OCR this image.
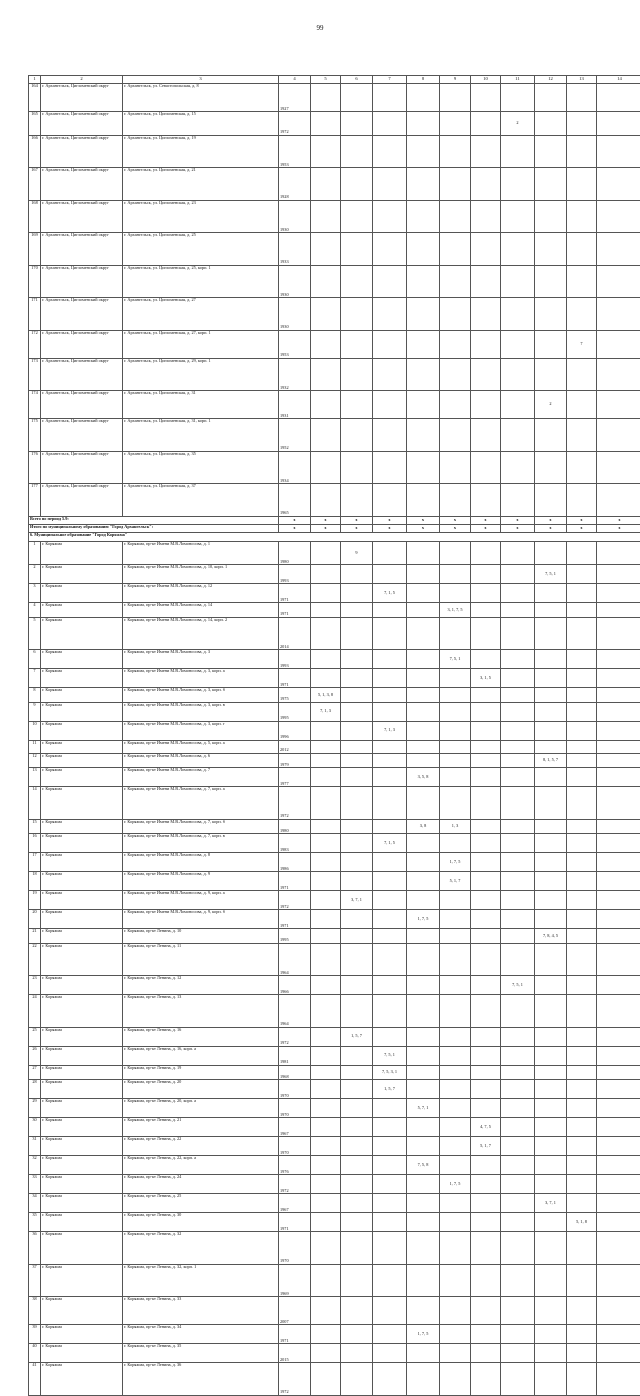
99
1	2	3	4	5	6	7	8	9	10	11	12	13	14	
164	г. Архангельск, Цигломенский округ	г. Архангельск, ул. Севастопольская, д. 8	1927											
165	г. Архангельск, Цигломенский округ	г. Архангельск, ул. Цигломенская, д. 15	1972							2				
166	г. Архангельск, Цигломенский округ	г. Архангельск, ул. Цигломенская, д. 19	1953											
167	г. Архангельск, Цигломенский округ	г. Архангельск, ул. Цигломенская, д. 21	1928											
168	г. Архангельск, Цигломенский округ	г. Архангельск, ул. Цигломенская, д. 23	1930											
169	г. Архангельск, Цигломенский округ	г. Архангельск, ул. Цигломенская, д. 25	1933											
170	г. Архангельск, Цигломенский округ	г. Архангельск, ул. Цигломенская, д. 25, корп. 1	1930											
171	г. Архангельск, Цигломенский округ	г. Архангельск, ул. Цигломенская, д. 27	1930											
172	г. Архангельск, Цигломенский округ	г. Архангельск, ул. Цигломенская, д. 27, корп. 1	1953									7		
173	г. Архангельск, Цигломенский округ	г. Архангельск, ул. Цигломенская, д. 29, корп. 1	1932											
174	г. Архангельск, Цигломенский округ	г. Архангельск, ул. Цигломенская, д. 31	1931								2			
175	г. Архангельск, Цигломенский округ	г. Архангельск, ул. Цигломенская, д. 31, корп. 1	1952											
176	г. Архангельск, Цигломенский округ	г. Архангельск, ул. Цигломенская, д. 35	1934											
177	г. Архангельск, Цигломенский округ	г. Архангельск, ул. Цигломенская, д. 37	1965											
Всего по период 5.9:			x	x	x	x	x	x	x	x	x	x	x	
Итого по муниципальному образованию "Город Архангельск":			x	x	x	x	x	x	x	x	x	x	x	
6. Муниципальное образование "Город Коряжма"														
1	г. Коряжма	г. Коряжма, пр-кт Имени М.В.Ломоносова, д. 1	1980		9									
2	г. Коряжма	г. Коряжма, пр-кт Имени М.В.Ломоносова, д. 10, корп. 1	1993								7, 5, 1			
3	г. Коряжма	г. Коряжма, пр-кт Имени М.В.Ломоносова, д. 12	1971			7, 1, 5								
4	г. Коряжма	г. Коряжма, пр-кт Имени М.В.Ломоносова, д. 14	1971					3, 1, 7, 5						
5	г. Коряжма	г. Коряжма, пр-кт Имени М.В.Ломоносова, д. 14, корп. 2	2014											
6	г. Коряжма	г. Коряжма, пр-кт Имени М.В.Ломоносова, д. 3	1993					7, 5, 1						
7	г. Коряжма	г. Коряжма, пр-кт Имени М.В.Ломоносова, д. 3, корп. а	1971						3, 1, 5					
8	г. Коряжма	г. Коряжма, пр-кт Имени М.В.Ломоносова, д. 3, корп. б	1975	5, 1, 3, 8										
9	г. Коряжма	г. Коряжма, пр-кт Имени М.В.Ломоносова, д. 3, корп. в	1995	7, 1, 3										
10	г. Коряжма	г. Коряжма, пр-кт Имени М.В.Ломоносова, д. 3, корп. г	1996			7, 1, 3								
11	г. Коряжма	г. Коряжма, пр-кт Имени М.В.Ломоносова, д. 5, корп. а	2012											
12	г. Коряжма	г. Коряжма, пр-кт Имени М.В.Ломоносова, д. 6	1979								8, 1, 5, 7			
13	г. Коряжма	г. Коряжма, пр-кт Имени М.В.Ломоносова, д. 7	1977				3, 5, 8							
14	г. Коряжма	г. Коряжма, пр-кт Имени М.В.Ломоносова, д. 7, корп. а	1972											
15	г. Коряжма	г. Коряжма, пр-кт Имени М.В.Ломоносова, д. 7, корп. б	1980				3, 8	1, 3						
16	г. Коряжма	г. Коряжма, пр-кт Имени М.В.Ломоносова, д. 7, корп. в	1983			7, 1, 5								
17	г. Коряжма	г. Коряжма, пр-кт Имени М.В.Ломоносова, д. 8	1986					1, 7, 5						
18	г. Коряжма	г. Коряжма, пр-кт Имени М.В.Ломоносова, д. 9	1971					5, 1, 7						
19	г. Коряжма	г. Коряжма, пр-кт Имени М.В.Ломоносова, д. 9, корп. а	1972		3, 7, 1									
20	г. Коряжма	г. Коряжма, пр-кт Имени М.В.Ломоносова, д. 9, корп. б	1971				1, 7, 5							
21	г. Коряжма	г. Коряжма, пр-кт Ленина, д. 10	1995								7, 8, 4, 5			
22	г. Коряжма	г. Коряжма, пр-кт Ленина, д. 11	1964											
23	г. Коряжма	г. Коряжма, пр-кт Ленина, д. 12	1966							7, 5, 1				
24	г. Коряжма	г. Коряжма, пр-кт Ленина, д. 13	1964											
25	г. Коряжма	г. Коряжма, пр-кт Ленина, д. 16	1972		1, 5, 7									
26	г. Коряжма	г. Коряжма, пр-кт Ленина, д. 16, корп. а	1981			7, 5, 1								
27	г. Коряжма	г. Коряжма, пр-кт Ленина, д. 19	1968			7, 5, 3, 1								
28	г. Коряжма	г. Коряжма, пр-кт Ленина, д. 20	1970			1, 5, 7								
29	г. Коряжма	г. Коряжма, пр-кт Ленина, д. 20, корп. а	1970				5, 7, 1							
30	г. Коряжма	г. Коряжма, пр-кт Ленина, д. 21	1967						4, 7, 5					
31	г. Коряжма	г. Коряжма, пр-кт Ленина, д. 22	1970						5, 1, 7					
32	г. Коряжма	г. Коряжма, пр-кт Ленина, д. 22, корп. а	1976				7, 5, 8							
33	г. Коряжма	г. Коряжма, пр-кт Ленина, д. 24	1972					1, 7, 5						
34	г. Коряжма	г. Коряжма, пр-кт Ленина, д. 25	1967								3, 7, 1			
35	г. Коряжма	г. Коряжма, пр-кт Ленина, д. 30	1971									5, 1, 8		
36	г. Коряжма	г. Коряжма, пр-кт Ленина, д. 32	1970											
37	г. Коряжма	г. Коряжма, пр-кт Ленина, д. 32, корп. 1	1969											
38	г. Коряжма	г. Коряжма, пр-кт Ленина, д. 33	2007											
39	г. Коряжма	г. Коряжма, пр-кт Ленина, д. 34	1971				1, 7, 5							
40	г. Коряжма	г. Коряжма, пр-кт Ленина, д. 35	2015											
41	г. Коряжма	г. Коряжма, пр-кт Ленина, д. 36	1972											
